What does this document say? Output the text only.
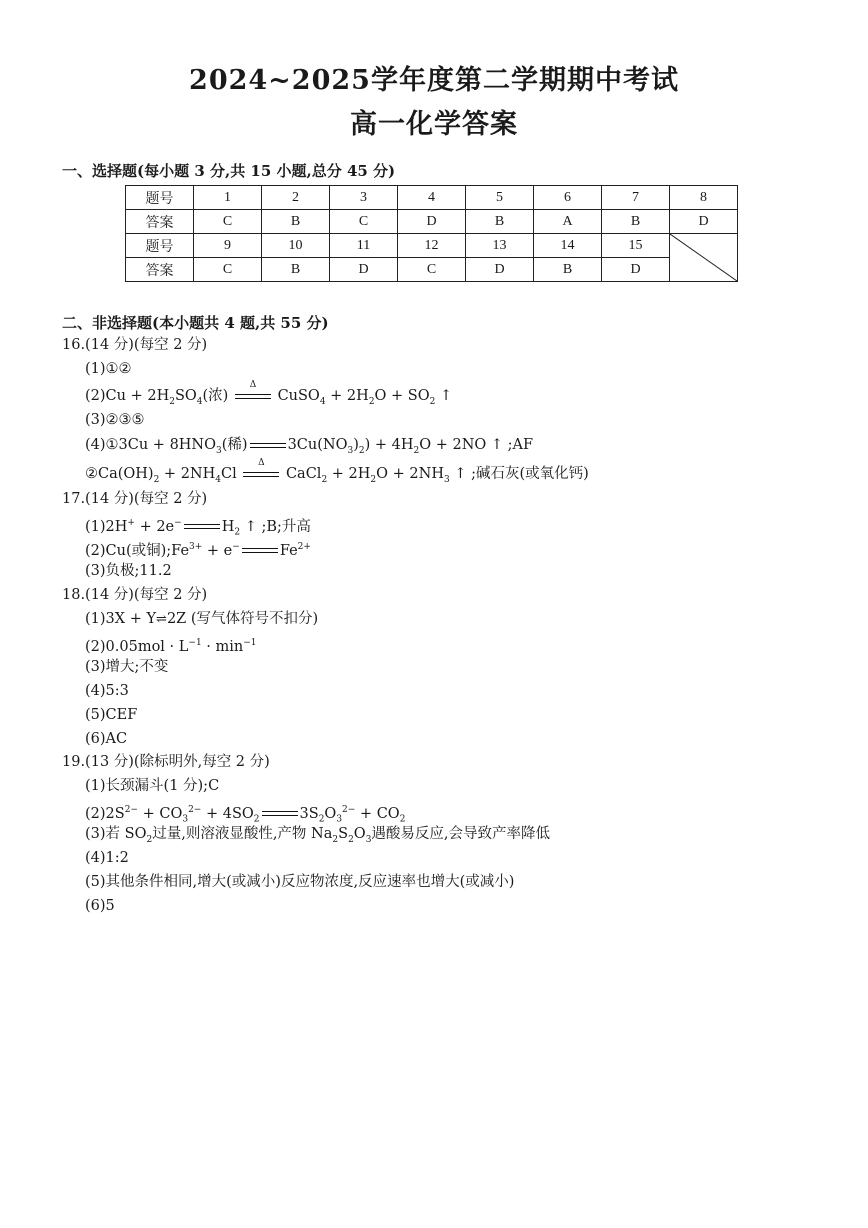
2024~2025学年度第二学期期中考试
高一化学答案
一、选择题(每小题 3 分,共 15 小题,总分 45 分)
题号	1	2	3	4	5	6	7	8
答案	C	B	C	D	B	A	B	D
题号	9	10	11	12	13	14	15	

答案	C	B	D	C	D	B	D	
二、非选择题(本小题共 4 题,共 55 分)
16.(14 分)(每空 2 分)
(1)①②
$(2)Cu + 2H_2SO_4$(浓)
Δ
CuSO$_4$ + $2H_2O + SO_2$ ↑
(3)②③⑤
(4)①3Cu + $8HNO_3$(稀)	$3Cu(NO_3)_2) + 4H_2O + 2NO$ ↑ ;AF
$②Ca(OH)_2 + 2NH_4Cl$
Δ
CaCl$_2$ + $2H_2O + 2NH_3$ ↑ ;碱石灰(或氧化钙)
17.(14 分)(每空 2 分)
(1)2H+ + 2e−	$H_2$ ↑ ;B;升高
(2)Cu(或铜)$;Fe^{3+} + e^-$	$Fe^{2+}$
(3)负极;11.2
18.(14 分)(每空 2 分)
(1)3X + Y⇌2Z (写气体符号不扣分)
$(2)0.05mol \cdot L^{-1} \cdot \min^{-1}$
(3)增大;不变
(4)5:3
(5)CEF
(6)AC
19.(13 分)(除标明外,每空 2 分)
(1)长颈漏斗(1 分);C
$(2)2S^{2-} + CO_3^{2-} + 4SO_2$	$3S_2O_3^{2-} + CO_2$
(3)若 $SO_2$过量,则溶液显酸性,产物 $Na_2S_2O_3$遇酸易反应,会导致产率降低
(4)1:2
(5)其他条件相同,增大(或减小)反应物浓度,反应速率也增大(或减小)
(6)5
